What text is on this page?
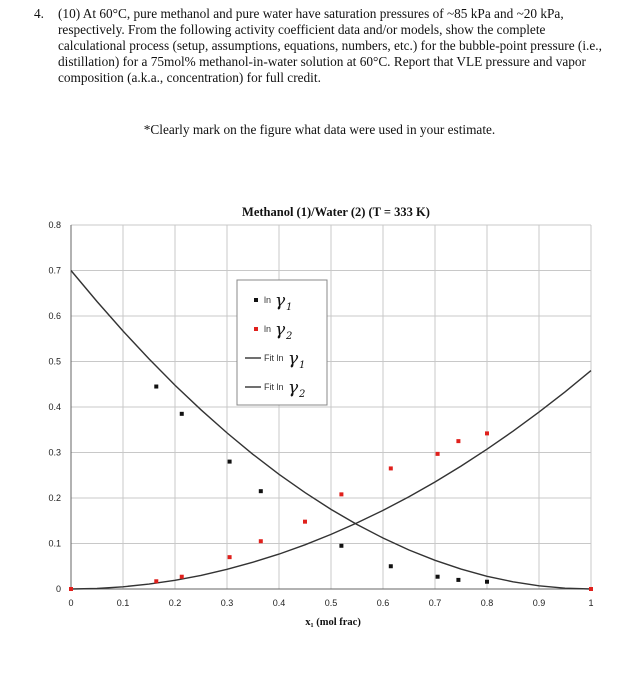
4. (10) At 60°C, pure methanol and pure water have saturation pressures of ~85 kPa and ~20 kPa, respectively. From the following activity coefficient data and/or models, show the complete calculational process (setup, assumptions, equations, numbers, etc.) for the bubble-point pressure (i.e., distillation) for a 75mol% methanol-in-water solution at 60°C. Report that VLE pressure and vapor composition (a.k.a., concentration) for full credit.
*Clearly mark on the figure what data were used in your estimate.
Methanol (1)/Water (2) (T = 333 K)
x₁ (mol frac)
0	0.1	0.2	0.3	0.4	0.5	0.6	0.7	0.8	0.9	1
0
0.1
0.2
0.3
0.4
0.5
0.6
0.7
0.8
ln γ 1
ln γ 2
Fit ln γ 1
Fit ln γ 2
